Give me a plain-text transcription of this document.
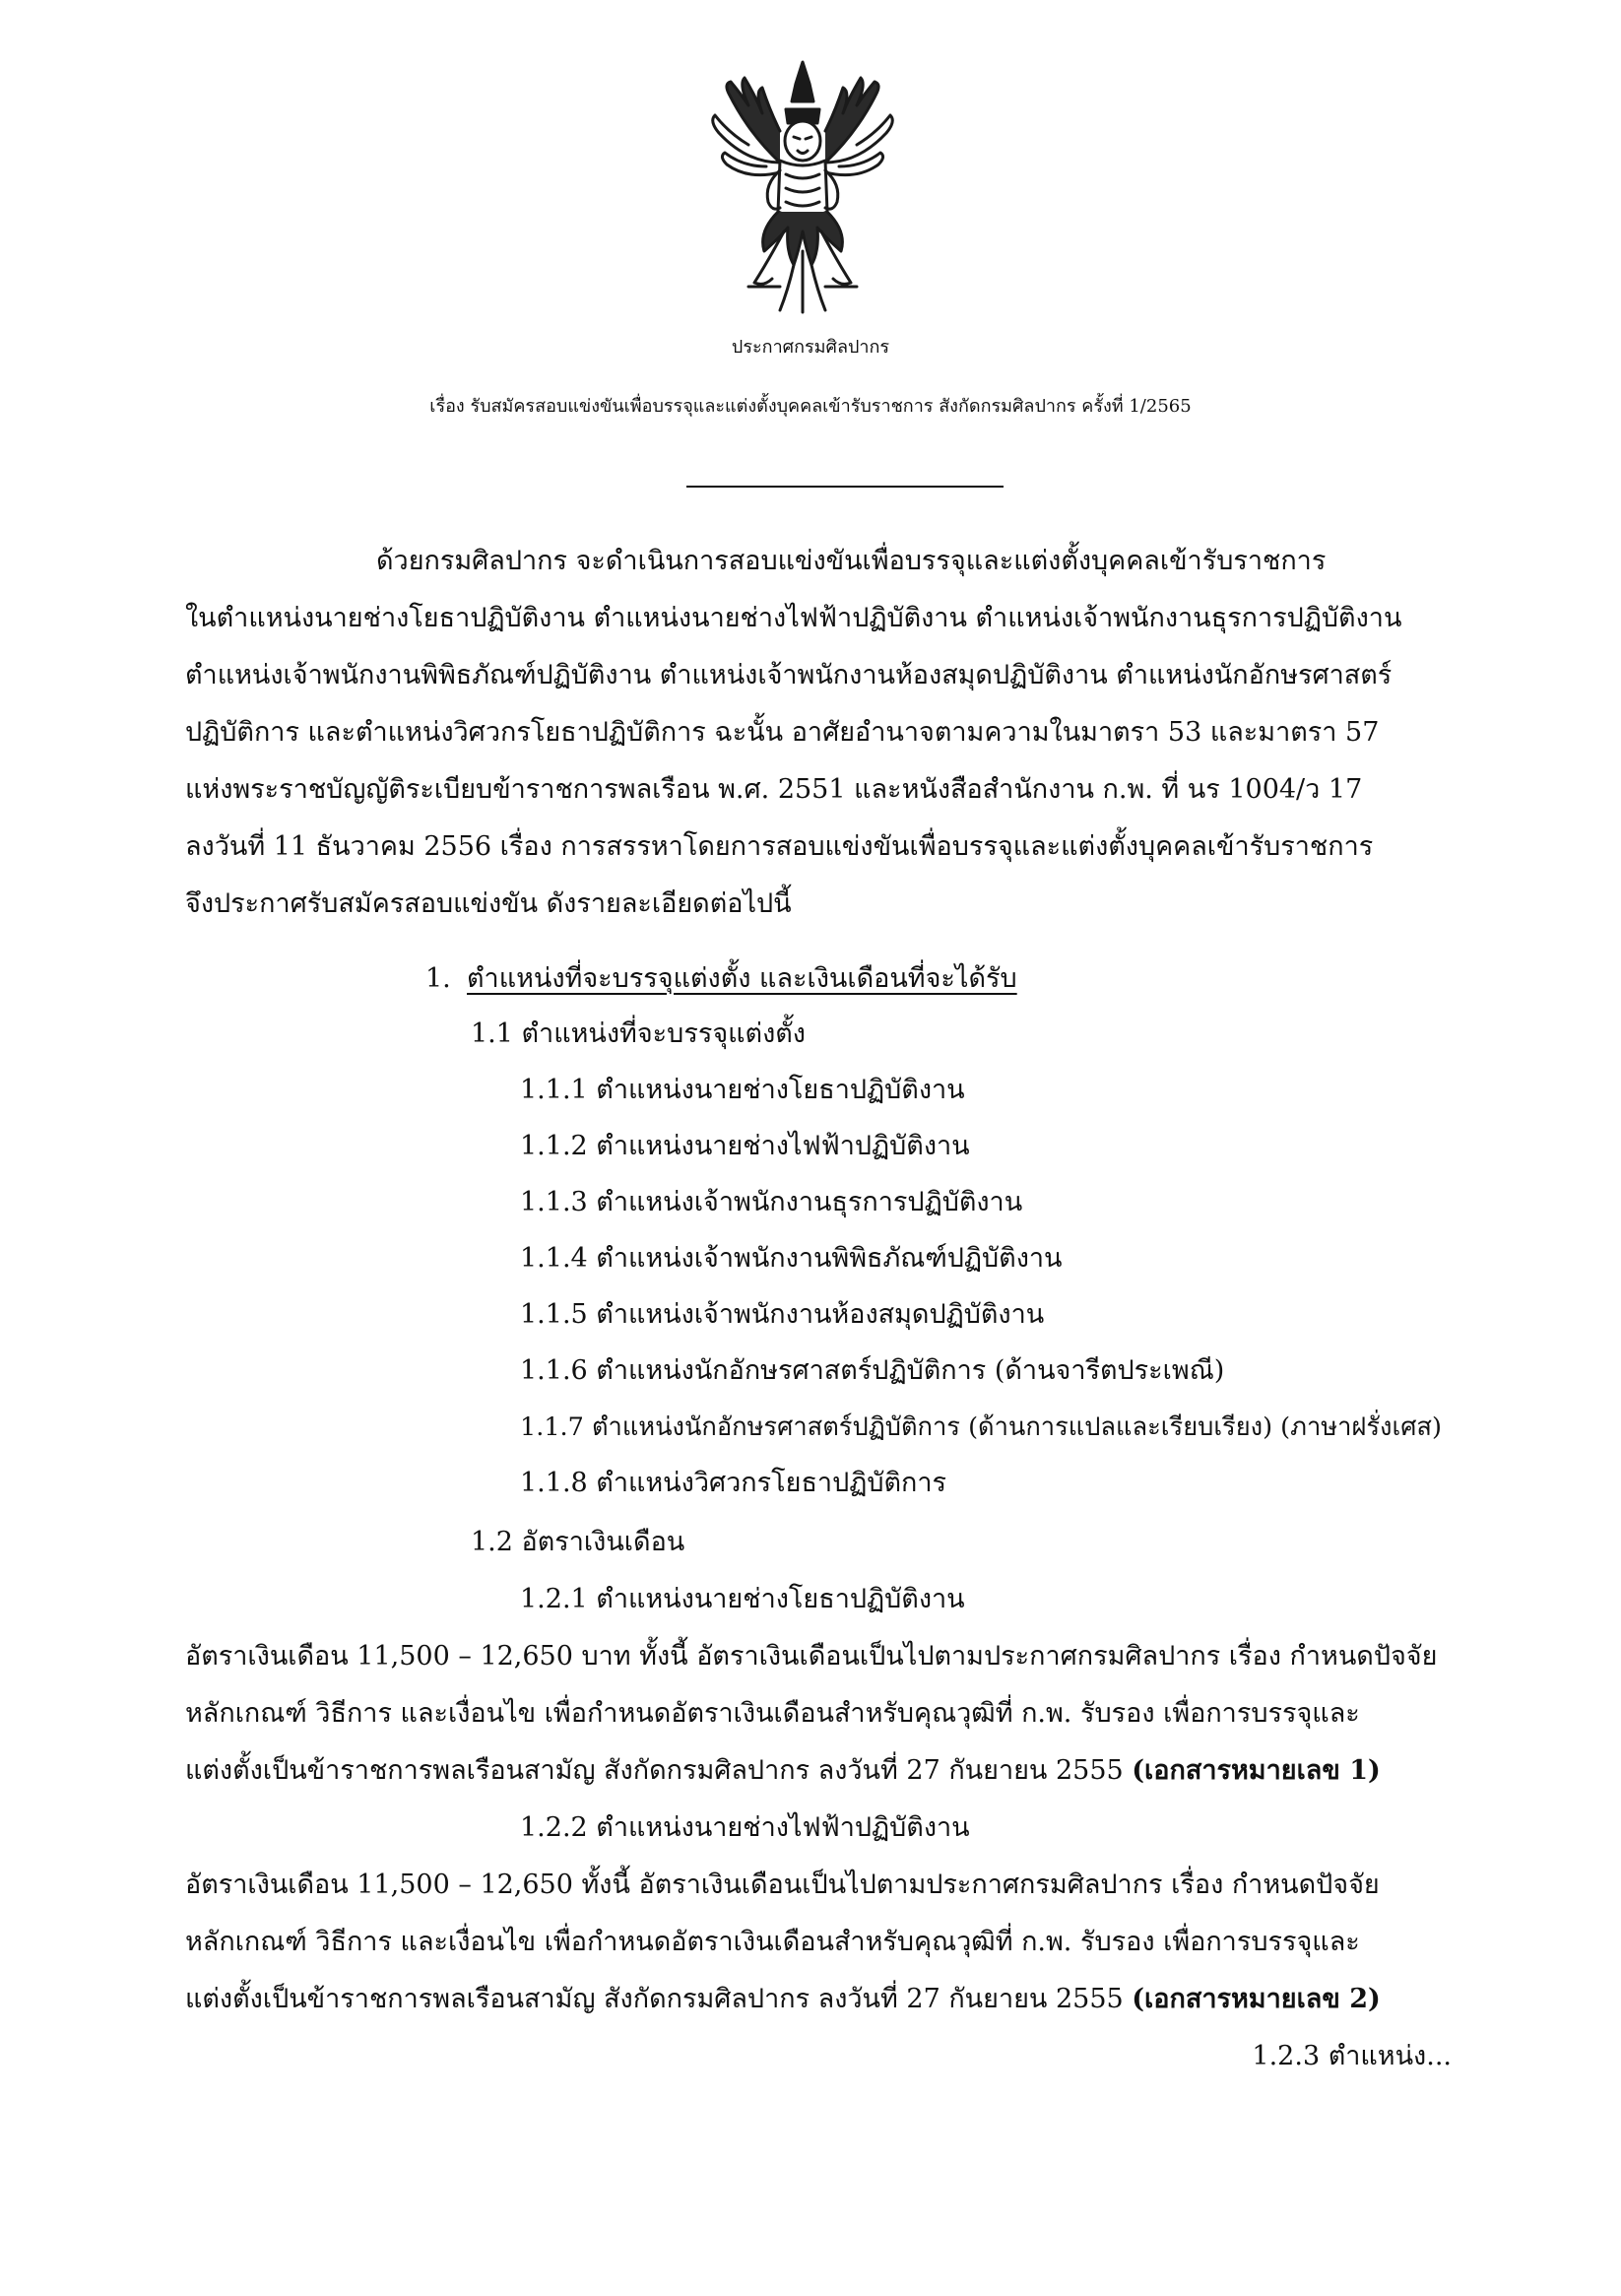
ประกาศกรมศิลปากร

เรื่อง รับสมัครสอบแข่งขันเพื่อบรรจุและแต่งตั้งบุคคลเข้ารับราชการ สังกัดกรมศิลปากร ครั้งที่ 1/2565

ด้วยกรมศิลปากร จะดำเนินการสอบแข่งขันเพื่อบรรจุและแต่งตั้งบุคคลเข้ารับราชการ

ในตำแหน่งนายช่างโยธาปฏิบัติงาน ตำแหน่งนายช่างไฟฟ้าปฏิบัติงาน ตำแหน่งเจ้าพนักงานธุรการปฏิบัติงาน

ตำแหน่งเจ้าพนักงานพิพิธภัณฑ์ปฏิบัติงาน ตำแหน่งเจ้าพนักงานห้องสมุดปฏิบัติงาน ตำแหน่งนักอักษรศาสตร์

ปฏิบัติการ และตำแหน่งวิศวกรโยธาปฏิบัติการ ฉะนั้น อาศัยอำนาจตามความในมาตรา 53 และมาตรา 57

แห่งพระราชบัญญัติระเบียบข้าราชการพลเรือน พ.ศ. 2551 และหนังสือสำนักงาน ก.พ. ที่ นร 1004/ว 17

ลงวันที่ 11 ธันวาคม 2556 เรื่อง การสรรหาโดยการสอบแข่งขันเพื่อบรรจุและแต่งตั้งบุคคลเข้ารับราชการ

จึงประกาศรับสมัครสอบแข่งขัน ดังรายละเอียดต่อไปนี้

1. ตำแหน่งที่จะบรรจุแต่งตั้ง และเงินเดือนที่จะได้รับ

1.1 ตำแหน่งที่จะบรรจุแต่งตั้ง

1.1.1 ตำแหน่งนายช่างโยธาปฏิบัติงาน

1.1.2 ตำแหน่งนายช่างไฟฟ้าปฏิบัติงาน

1.1.3 ตำแหน่งเจ้าพนักงานธุรการปฏิบัติงาน

1.1.4 ตำแหน่งเจ้าพนักงานพิพิธภัณฑ์ปฏิบัติงาน

1.1.5 ตำแหน่งเจ้าพนักงานห้องสมุดปฏิบัติงาน

1.1.6 ตำแหน่งนักอักษรศาสตร์ปฏิบัติการ (ด้านจารีตประเพณี)

1.1.7 ตำแหน่งนักอักษรศาสตร์ปฏิบัติการ (ด้านการแปลและเรียบเรียง) (ภาษาฝรั่งเศส)

1.1.8 ตำแหน่งวิศวกรโยธาปฏิบัติการ

1.2 อัตราเงินเดือน

1.2.1 ตำแหน่งนายช่างโยธาปฏิบัติงาน

อัตราเงินเดือน 11,500 – 12,650 บาท ทั้งนี้ อัตราเงินเดือนเป็นไปตามประกาศกรมศิลปากร เรื่อง กำหนดปัจจัย

หลักเกณฑ์ วิธีการ และเงื่อนไข เพื่อกำหนดอัตราเงินเดือนสำหรับคุณวุฒิที่ ก.พ. รับรอง เพื่อการบรรจุและ

แต่งตั้งเป็นข้าราชการพลเรือนสามัญ สังกัดกรมศิลปากร ลงวันที่ 27 กันยายน 2555 (เอกสารหมายเลข 1)

1.2.2 ตำแหน่งนายช่างไฟฟ้าปฏิบัติงาน

อัตราเงินเดือน 11,500 – 12,650 ทั้งนี้ อัตราเงินเดือนเป็นไปตามประกาศกรมศิลปากร เรื่อง กำหนดปัจจัย

หลักเกณฑ์ วิธีการ และเงื่อนไข เพื่อกำหนดอัตราเงินเดือนสำหรับคุณวุฒิที่ ก.พ. รับรอง เพื่อการบรรจุและ

แต่งตั้งเป็นข้าราชการพลเรือนสามัญ สังกัดกรมศิลปากร ลงวันที่ 27 กันยายน 2555 (เอกสารหมายเลข 2)

1.2.3 ตำแหน่ง...
